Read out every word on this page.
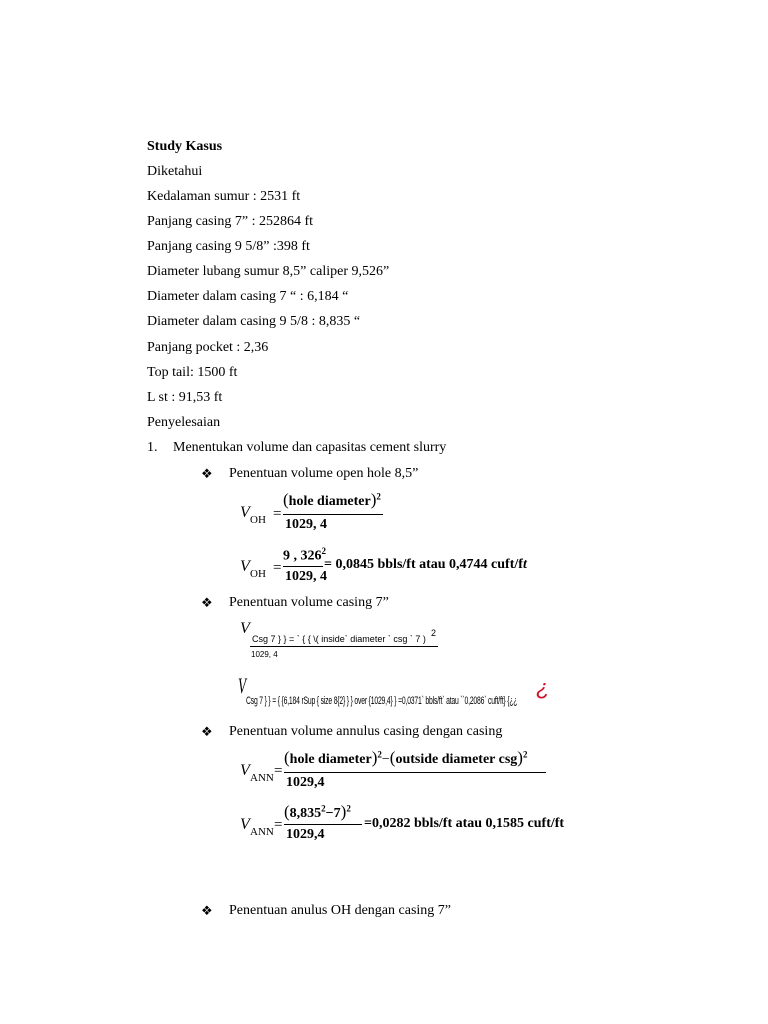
Study Kasus
Diketahui
Kedalaman sumur : 2531 ft
Panjang casing 7” : 252864 ft
Panjang casing 9 5/8” :398 ft
Diameter lubang sumur 8,5” caliper 9,526”
Diameter dalam casing 7 “ : 6,184 “
Diameter dalam casing 9 5/8 : 8,835 “
Panjang pocket : 2,36
Top tail: 1500 ft
L st : 91,53 ft
Penyelesaian
1. Menentukan volume dan capasitas cement slurry
❖ Penentuan volume open hole 8,5”
V OH =
(hole diameter)$^2$
1029, 4
V OH =
9 , $326^2$
1029, 4
= 0,0845 bbls/ft atau 0,4744 cuft/ft
❖ Penentuan volume casing 7”
V
Csg 7 } } = ` { { \( inside` diameter ` csg ` 7 )
2
1029, 4
V
Csg 7 } } = { {6,184 rSup { size 8{2} } } over {1029,4} } =0,0371` bbls/ft` atau ``0,2086` cuft/ft} {¿¿
¿
❖ Penentuan volume annulus casing dengan casing
V ANN =
(hole diameter)$^2$−(outside diameter csg)$^2$
1029,4
V ANN =
$(8,835^2-7)^2$
1029,4
=0,0282 bbls/ft atau 0,1585 cuft/ft
❖ Penentuan anulus OH dengan casing 7”
